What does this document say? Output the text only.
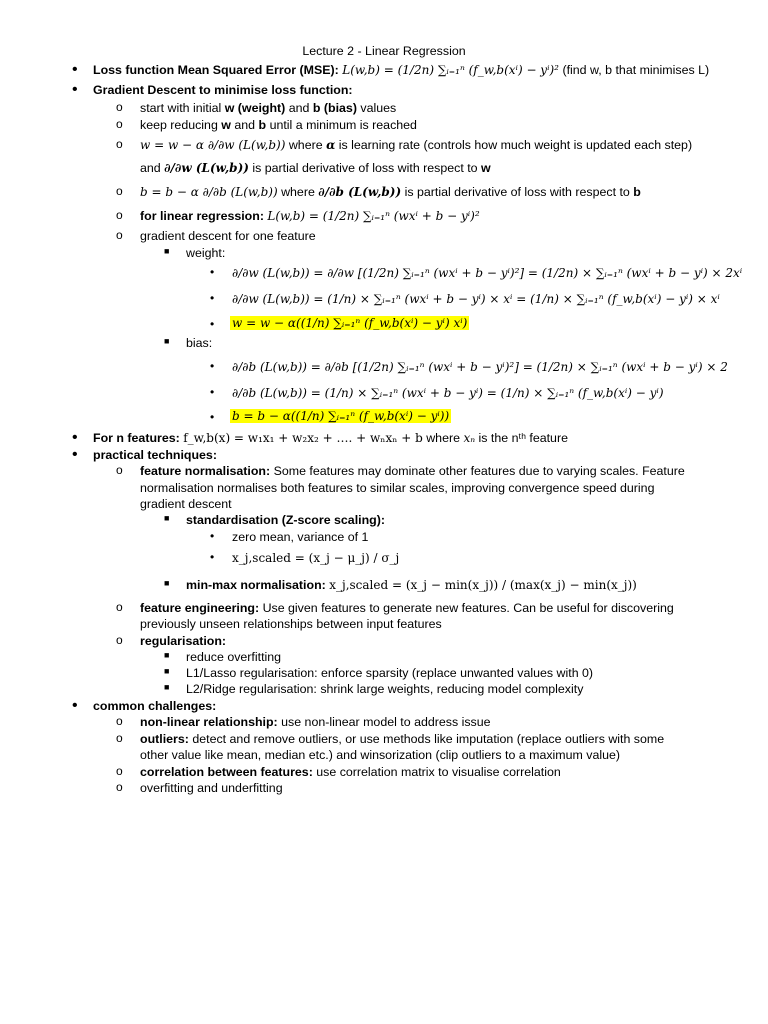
Lecture 2 - Linear Regression
• Loss function Mean Squared Error (MSE): L(w,b) = (1/2n) ∑ᵢ₌₁ⁿ (f_w,b(xⁱ) − yⁱ)² (find w, b that minimises L)
• Gradient Descent to minimise loss function:
o start with initial w (weight) and b (bias) values
o keep reducing w and b until a minimum is reached
o w = w − α ∂/∂w (L(w,b)) where α is learning rate (controls how much weight is updated each step)
and ∂/∂w (L(w,b)) is partial derivative of loss with respect to w
o b = b − α ∂/∂b (L(w,b)) where ∂/∂b (L(w,b)) is partial derivative of loss with respect to b
o for linear regression: L(w,b) = (1/2n) ∑ᵢ₌₁ⁿ (wxⁱ + b − yⁱ)²
o gradient descent for one feature
■ weight:
• ∂/∂w (L(w,b)) = ∂/∂w [(1/2n) ∑ᵢ₌₁ⁿ (wxⁱ + b − yⁱ)²] = (1/2n) × ∑ᵢ₌₁ⁿ (wxⁱ + b − yⁱ) × 2xⁱ
• ∂/∂w (L(w,b)) = (1/n) × ∑ᵢ₌₁ⁿ (wxⁱ + b − yⁱ) × xⁱ = (1/n) × ∑ᵢ₌₁ⁿ (f_w,b(xⁱ) − yⁱ) × xⁱ
• w = w − α((1/n) ∑ᵢ₌₁ⁿ (f_w,b(xⁱ) − yⁱ) xⁱ)
■ bias:
• ∂/∂b (L(w,b)) = ∂/∂b [(1/2n) ∑ᵢ₌₁ⁿ (wxⁱ + b − yⁱ)²] = (1/2n) × ∑ᵢ₌₁ⁿ (wxⁱ + b − yⁱ) × 2
• ∂/∂b (L(w,b)) = (1/n) × ∑ᵢ₌₁ⁿ (wxⁱ + b − yⁱ) = (1/n) × ∑ᵢ₌₁ⁿ (f_w,b(xⁱ) − yⁱ)
• b = b − α((1/n) ∑ᵢ₌₁ⁿ (f_w,b(xⁱ) − yⁱ))
• For n features: f_w,b(x) = w₁x₁ + w₂x₂ + …. + wₙxₙ + b where xₙ is the nᵗʰ feature
• practical techniques:
o feature normalisation: Some features may dominate other features due to varying scales. Feature
normalisation normalises both features to similar scales, improving convergence speed during
gradient descent
■ standardisation (Z-score scaling):
• zero mean, variance of 1
• x_j,scaled = (x_j − μ_j) / σ_j
■ min-max normalisation: x_j,scaled = (x_j − min(x_j)) / (max(x_j) − min(x_j))
o feature engineering: Use given features to generate new features. Can be useful for discovering
previously unseen relationships between input features
o regularisation:
■ reduce overfitting
■ L1/Lasso regularisation: enforce sparsity (replace unwanted values with 0)
■ L2/Ridge regularisation: shrink large weights, reducing model complexity
• common challenges:
o non-linear relationship: use non-linear model to address issue
o outliers: detect and remove outliers, or use methods like imputation (replace outliers with some
other value like mean, median etc.) and winsorization (clip outliers to a maximum value)
o correlation between features: use correlation matrix to visualise correlation
o overfitting and underfitting
